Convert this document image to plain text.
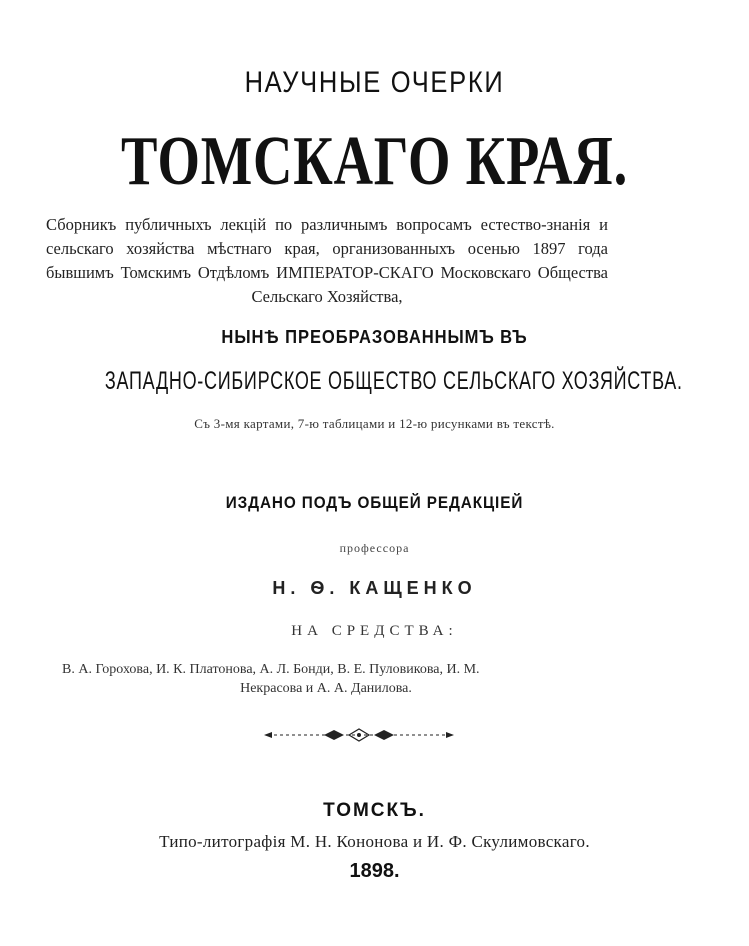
НАУЧНЫЕ ОЧЕРКИ
ТОМСКАГО КРАЯ.
Сборникъ публичныхъ лекцій по различнымъ вопросамъ естество-знанія и сельскаго хозяйства мѣстнаго края, организованныхъ осенью 1897 года бывшимъ Томскимъ Отдѣломъ ИМПЕРАТОР-СКАГО Московскаго Общества Сельскаго Хозяйства,
НЫНѢ ПРЕОБРАЗОВАННЫМЪ ВЪ
ЗАПАДНО-СИБИРСКОЕ ОБЩЕСТВО СЕЛЬСКАГО ХОЗЯЙСТВА.
Съ 3-мя картами, 7-ю таблицами и 12-ю рисунками въ текстѣ.
ИЗДАНО ПОДЪ ОБЩЕЙ РЕДАКЦІЕЙ
профессора
Н. Ѳ. КАЩЕНКО
НА СРЕДСТВА:
В. А. Горохова, И. К. Платонова, А. Л. Бонди, В. Е. Пуловикова, И. М.
Некрасова и А. А. Данилова.
ТОМСКЪ.
Типо-литографія М. Н. Кононова и И. Ф. Скулимовскаго.
1898.
